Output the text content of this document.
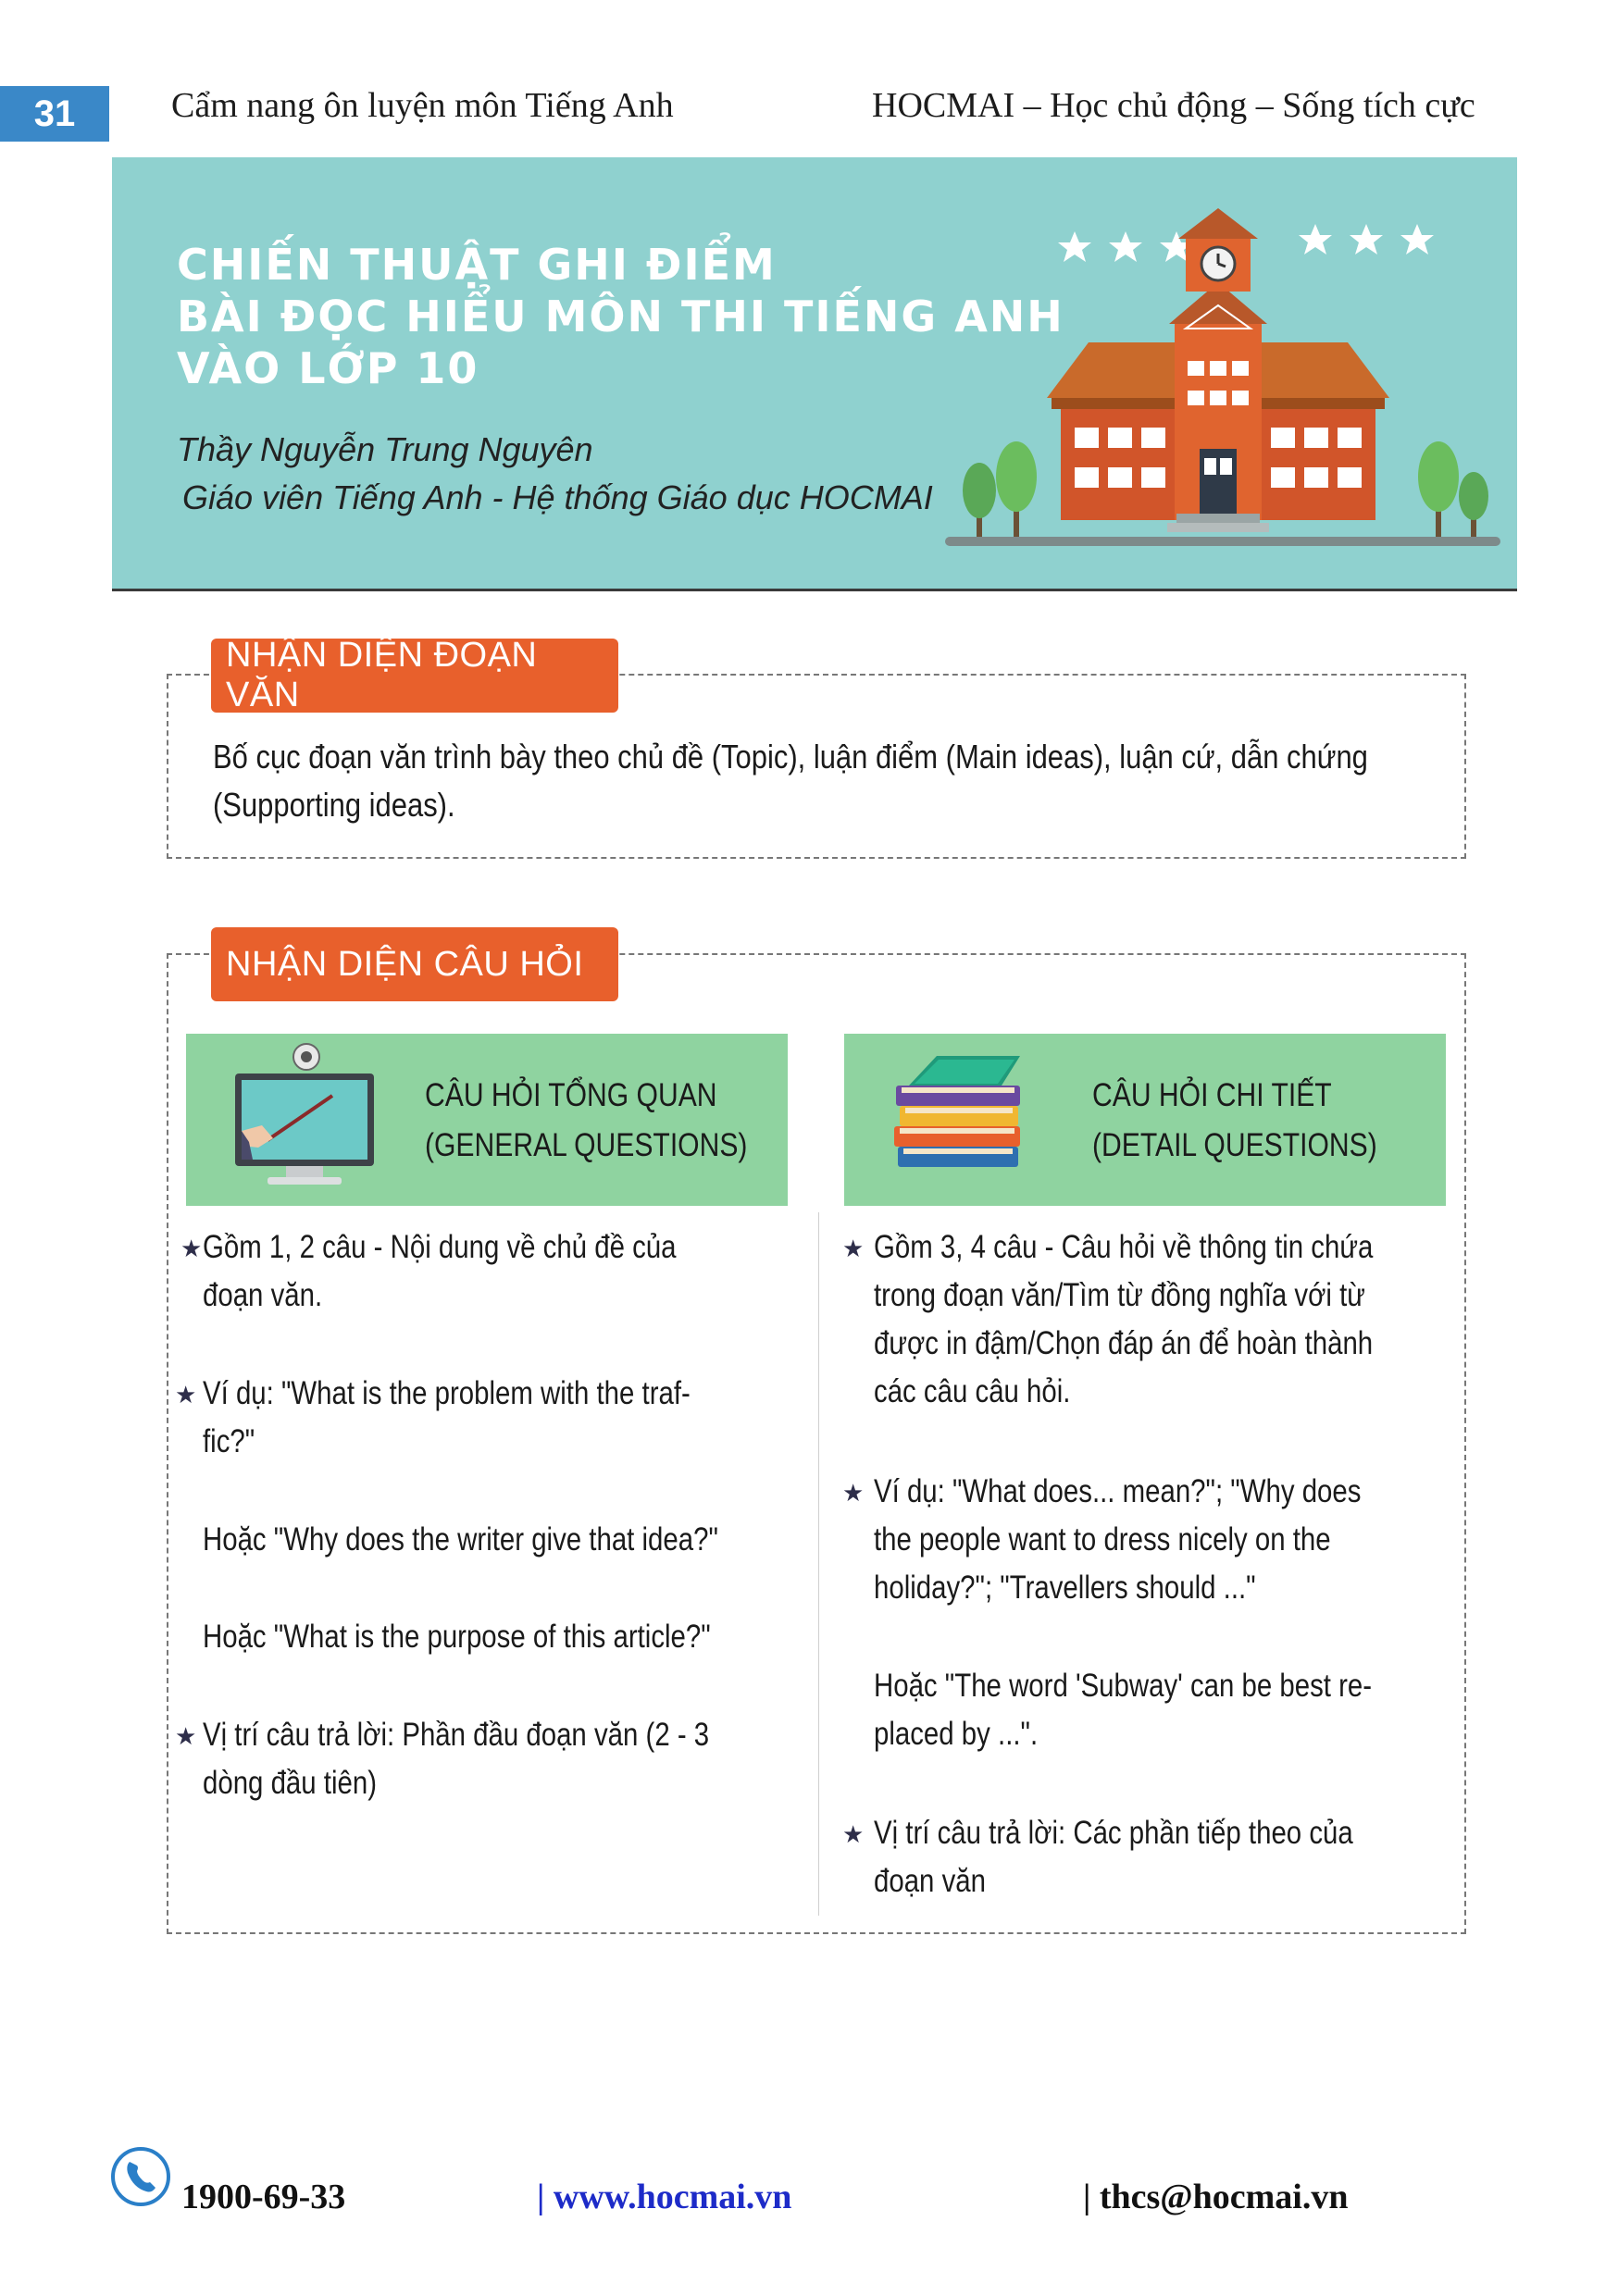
31	Cẩm nang ôn luyện môn Tiếng Anh	HOCMAI – Học chủ động – Sống tích cực
CHIẾN THUẬT GHI ĐIỂM
BÀI ĐỌC HIỂU MÔN THI TIẾNG ANH
VÀO LỚP 10
Thầy Nguyễn Trung Nguyên
Giáo viên Tiếng Anh - Hệ thống Giáo dục HOCMAI
NHẬN DIỆN ĐOẠN VĂN
Bố cục đoạn văn trình bày theo chủ đề (Topic), luận điểm (Main ideas), luận cứ, dẫn chứng
(Supporting ideas).
NHẬN DIỆN CÂU HỎI
CÂU HỎI TỔNG QUAN
(GENERAL QUESTIONS)
CÂU HỎI CHI TIẾT
(DETAIL QUESTIONS)
★ Gồm 1, 2 câu - Nội dung về chủ đề của
đoạn văn.
★ Ví dụ: "What is the problem with the traf-
fic?"
Hoặc "Why does the writer give that idea?"
Hoặc "What is the purpose of this article?"
★ Vị trí câu trả lời: Phần đầu đoạn văn (2 - 3
dòng đầu tiên)
★ Gồm 3, 4 câu - Câu hỏi về thông tin chứa
trong đoạn văn/Tìm từ đồng nghĩa với từ
được in đậm/Chọn đáp án để hoàn thành
các câu câu hỏi.
★ Ví dụ: "What does... mean?"; "Why does
the people want to dress nicely on the
holiday?"; "Travellers should ..."
Hoặc "The word 'Subway' can be best re-
placed by ...".
★ Vị trí câu trả lời: Các phần tiếp theo của
đoạn văn
1900-69-33	| www.hocmai.vn	| thcs@hocmai.vn
